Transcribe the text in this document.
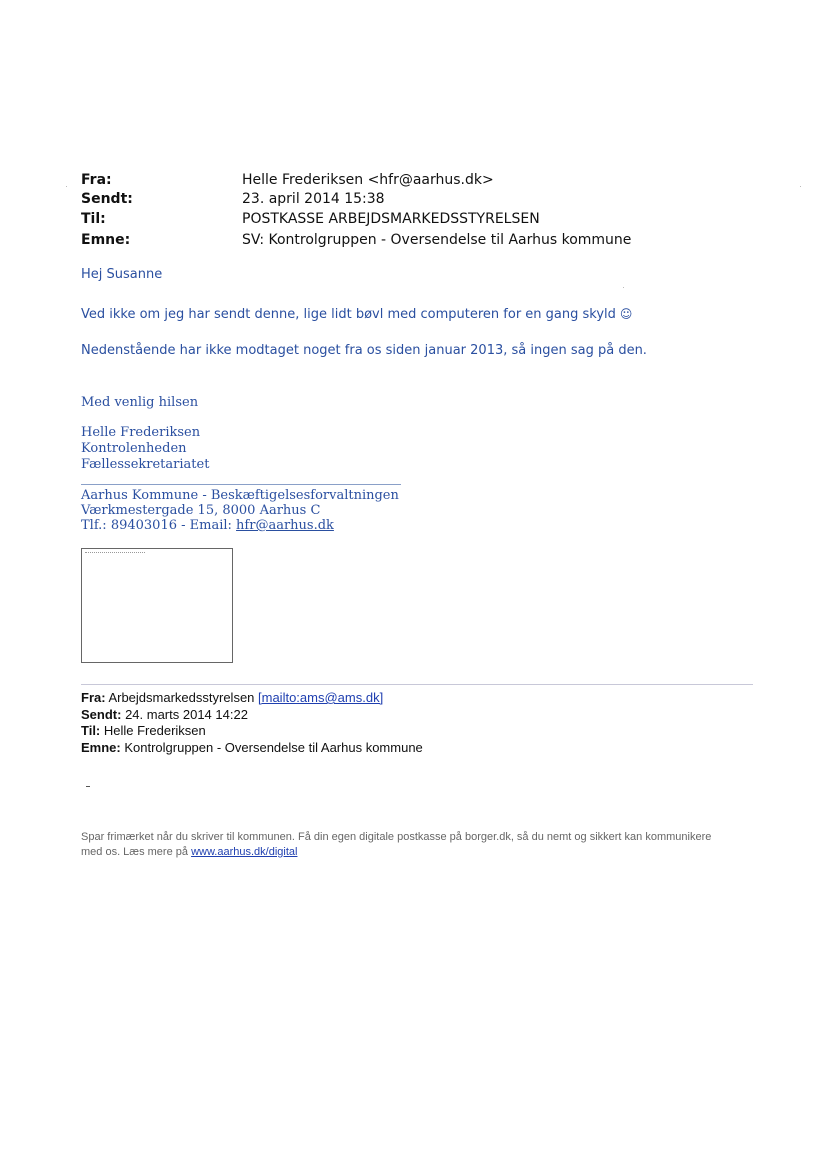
Fra:	Helle Frederiksen <hfr@aarhus.dk>
Sendt:	23. april 2014 15:38
Til:	POSTKASSE ARBEJDSMARKEDSSTYRELSEN
Emne:	SV: Kontrolgruppen - Oversendelse til Aarhus kommune
Hej Susanne
Ved ikke om jeg har sendt denne, lige lidt bøvl med computeren for en gang skyld ☺
Nedenstående har ikke modtaget noget fra os siden januar 2013, så ingen sag på den.
Med venlig hilsen
Helle Frederiksen
Kontrolenheden
Fællessekretariatet
Aarhus Kommune - Beskæftigelsesforvaltningen
Værkmestergade 15, 8000 Aarhus C
Tlf.: 89403016 - Email: hfr@aarhus.dk
Fra: Arbejdsmarkedsstyrelsen [mailto:ams@ams.dk]
Sendt: 24. marts 2014 14:22
Til: Helle Frederiksen
Emne: Kontrolgruppen - Oversendelse til Aarhus kommune
Spar frimærket når du skriver til kommunen. Få din egen digitale postkasse på borger.dk, så du nemt og sikkert kan kommunikere med os. Læs mere på www.aarhus.dk/digital
